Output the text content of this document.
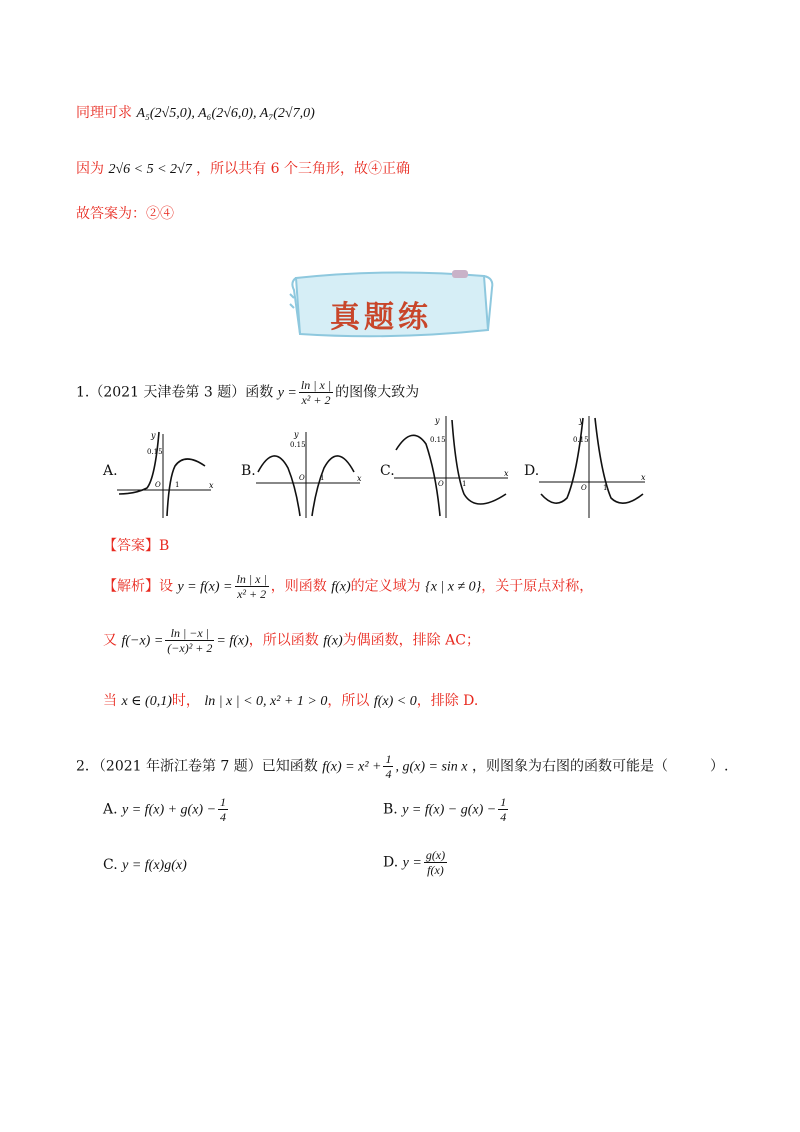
同理可求 A₅(2√5,0), A₆(2√6,0), A₇(2√7,0)
因为 2√6 < 5 < 2√7 ，所以共有 6 个三角形，故④正确
故答案为：②④
真题练
1.（2021 天津卷第 3 题）函数 $y = \frac{\ln | x |}{\text{x² + 2}}$ 的图像大致为
A.
y
x
0.15
O 1
B.
y
x
0.15
O 1	C.
y
x
0.15
O	1
D.
y
x
0.15
O 1
【答案】B
【解析】设 $y = f(x) = \frac{\ln | x |}{\text{x² + 2}}$ ，则函数 f(x)的定义域为 {x | x ≠ 0}，关于原点对称，
又 $f(-x) = \frac{\ln | -x |}{\text{(−x)² + 2}} = f(x)$，所以函数 f(x)为偶函数，排除 AC；
当 x ∈ (0,1)时， ln | x | < 0, x² + 1 > 0，所以 f(x) < 0，排除 D.
2．（2021 年浙江卷第 7 题）已知函数 $f(x) = x^2 + \frac{1}{4}$ , g(x) = sin x ，则图象为右图的函数可能是（　　　）.
A. $y = f(x) + g(x) - \frac{1}{4}$	B. $y = f(x) - g(x) - \frac{1}{4}$
C. y = f(x)g(x)	D. $y = \frac{g(x)}{f(x)}$
